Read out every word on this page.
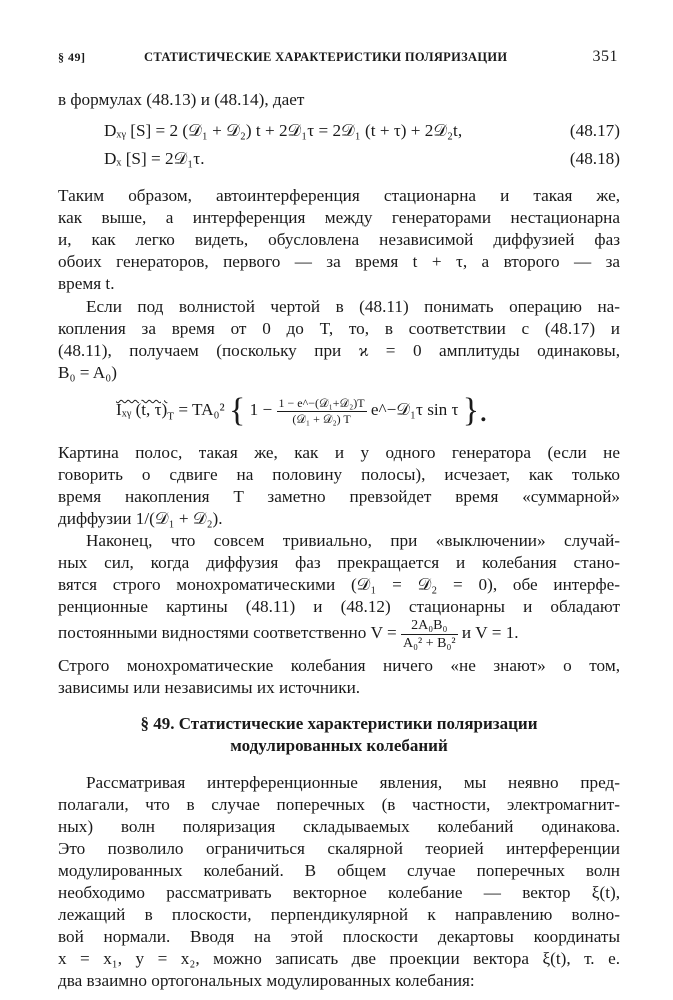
§ 49]	СТАТИСТИЧЕСКИЕ ХАРАКТЕРИСТИКИ ПОЛЯРИЗАЦИИ	351
в формулах (48.13) и (48.14), дает
Dₓᵧ [S] = 2 (𝒟₁ + 𝒟₂) t + 2𝒟₁τ = 2𝒟₁ (t + τ) + 2𝒟₂t,	(48.17)
Dₓ [S] = 2𝒟₁τ.	(48.18)
Таким образом, автоинтерференция стационарна и такая же,
как выше, а интерференция между генераторами нестационарна
и, как легко видеть, обусловлена независимой диффузией фаз
обоих генераторов, первого — за время t + τ, а второго — за
время t.
Если под волнистой чертой в (48.11) понимать операцию на-
копления за время от 0 до T, то, в соответствии с (48.17) и
(48.11), получаем (поскольку при ϰ = 0 амплитуды одинаковы,
B₀ = A₀)
Iₓᵧ (t, $\tau)_T = TA_0^2$ { $1 - \frac{\text{1 − e\textasciicircum{}−(𝒟₁+𝒟₂)T}}{\text{(𝒟₁ + 𝒟₂) T}}$ e^−𝒟₁τ sin τ }.
Картина полос, такая же, как и у одного генератора (если не
говорить о сдвиге на половину полосы), исчезает, как только
время накопления T заметно превзойдет время «суммарной»
диффузии 1/(𝒟₁ + 𝒟₂).
Наконец, что совсем тривиально, при «выключении» случай-
ных сил, когда диффузия фаз прекращается и колебания стано-
вятся строго монохроматическими (𝒟₁ = 𝒟₂ = 0), обе интерфе-
ренционные картины (48.11) и (48.12) стационарны и обладают
постоянными видностями соответственно $V = \frac{\text{2A₀B₀}}{\text{A₀² + B₀²}}$ и V = 1.
Строго монохроматические колебания ничего «не знают» о том,
зависимы или независимы их источники.
§ 49. Статистические характеристики поляризации
модулированных колебаний
Рассматривая интерференционные явления, мы неявно пред-
полагали, что в случае поперечных (в частности, электромагнит-
ных) волн поляризация складываемых колебаний одинакова.
Это позволило ограничиться скалярной теорией интерференции
модулированных колебаний. В общем случае поперечных волн
необходимо рассматривать векторное колебание — вектор ξ(t),
лежащий в плоскости, перпендикулярной к направлению волно-
вой нормали. Вводя на этой плоскости декартовы координаты
x = x₁, y = x₂, можно записать две проекции вектора ξ(t), т. е.
два взаимно ортогональных модулированных колебания:
